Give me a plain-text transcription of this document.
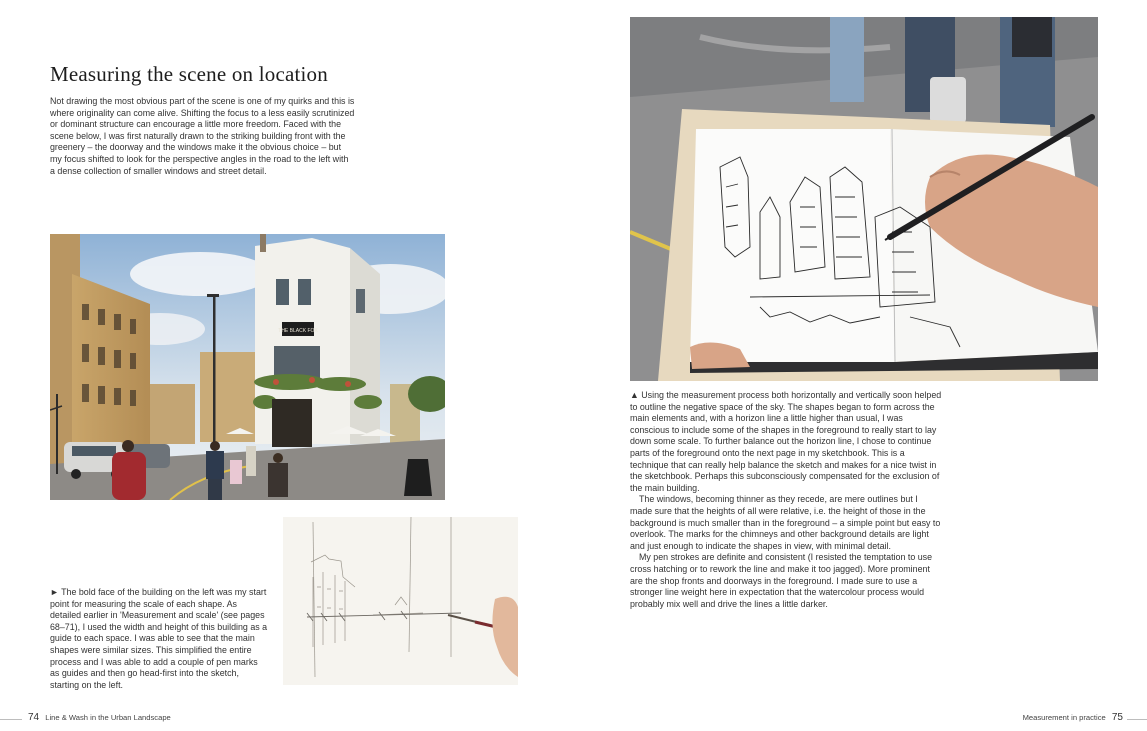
Measuring the scene on location
Not drawing the most obvious part of the scene is one of my quirks and this is where originality can come alive. Shifting the focus to a less easily scrutinized or dominant structure can encourage a little more freedom. Faced with the scene below, I was first naturally drawn to the striking building front with the greenery – the doorway and the windows make it the obvious choice – but my focus shifted to look for the perspective angles in the road to the left with a dense collection of smaller windows and street detail.
THE BLACK FOX
► The bold face of the building on the left was my start point for measuring the scale of each shape. As detailed earlier in 'Measurement and scale' (see pages 68–71), I used the width and height of this building as a guide to each space. I was able to see that the main shapes were similar sizes. This simplified the entire process and I was able to add a couple of pen marks as guides and then go head-first into the sketch, starting on the left.

▲ Using the measurement process both horizontally and vertically soon helped to outline the negative space of the sky. The shapes began to form across the main elements and, with a horizon line a little higher than usual, I was conscious to include some of the shapes in the foreground to really start to lay down some scale. To further balance out the horizon line, I chose to continue parts of the foreground onto the next page in my sketchbook. This is a technique that can really help balance the sketch and makes for a nice twist in the sketchbook. Perhaps this subconsciously compensated for the exclusion of the main building.

The windows, becoming thinner as they recede, are mere outlines but I made sure that the heights of all were relative, i.e. the height of those in the background is much smaller than in the foreground – a simple point but easy to overlook. The marks for the chimneys and other background details are light and just enough to indicate the shapes in view, with minimal detail.

My pen strokes are definite and consistent (I resisted the temptation to use cross hatching or to rework the line and make it too jagged). More prominent are the shop fronts and doorways in the foreground. I made sure to use a stronger line weight here in expectation that the watercolour process would probably mix well and drive the lines a little darker.

74 Line & Wash in the Urban Landscape	Measurement in practice 75
